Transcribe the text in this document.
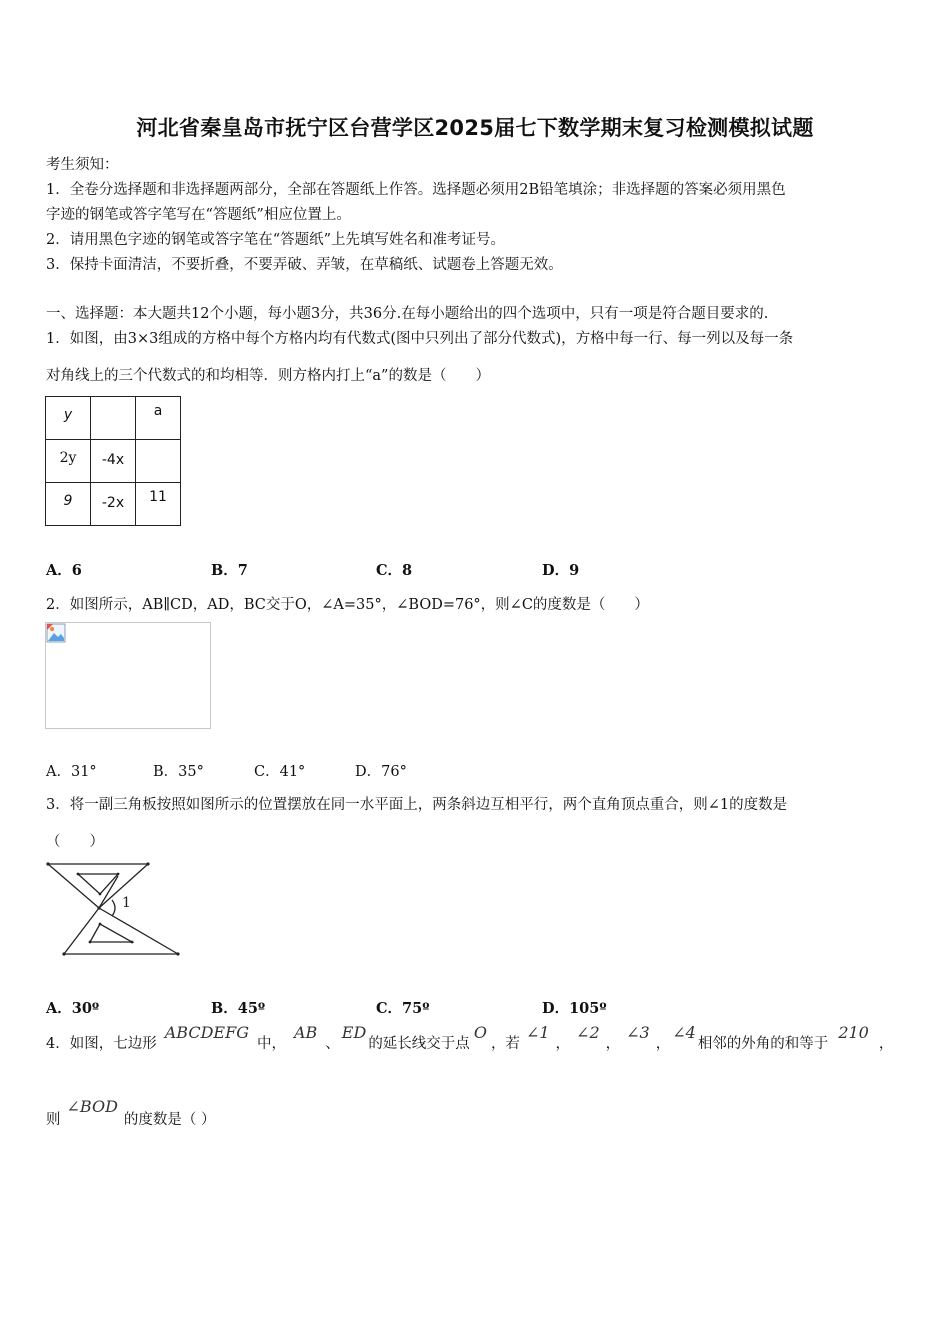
河北省秦皇岛市抚宁区台营学区2025届七下数学期末复习检测模拟试题
考生须知：
1．全卷分选择题和非选择题两部分，全部在答题纸上作答。选择题必须用2B铅笔填涂；非选择题的答案必须用黑色
字迹的钢笔或答字笔写在“答题纸”相应位置上。
2．请用黑色字迹的钢笔或答字笔在“答题纸”上先填写姓名和准考证号。
3．保持卡面清洁，不要折叠，不要弄破、弄皱，在草稿纸、试题卷上答题无效。
一、选择题：本大题共12个小题，每小题3分，共36分.在每小题给出的四个选项中，只有一项是符合题目要求的.
1．如图，由3×3组成的方格中每个方格内均有代数式(图中只列出了部分代数式)，方格中每一行、每一列以及每一条
对角线上的三个代数式的和均相等．则方格内打上“a”的数是（　　）
y		a
2y	-4x	
9	-2x	11
A．6	B．7	C．8	D．9
2．如图所示，AB∥CD，AD，BC交于O，∠A=35°，∠BOD=76°，则∠C的度数是（　　）
A．31°	B．35°	C．41°	D．76°
3．将一副三角板按照如图所示的位置摆放在同一水平面上，两条斜边互相平行，两个直角顶点重合，则∠1的度数是
（　　）
1
A．30º	B．45º	C．75º	D．105º
4．如图，七边形ABCDEFG中，AB、ED的延长线交于点O，若∠1，∠2，∠3，∠4相邻的外角的和等于210，
则∠BOD的度数是（ ）
